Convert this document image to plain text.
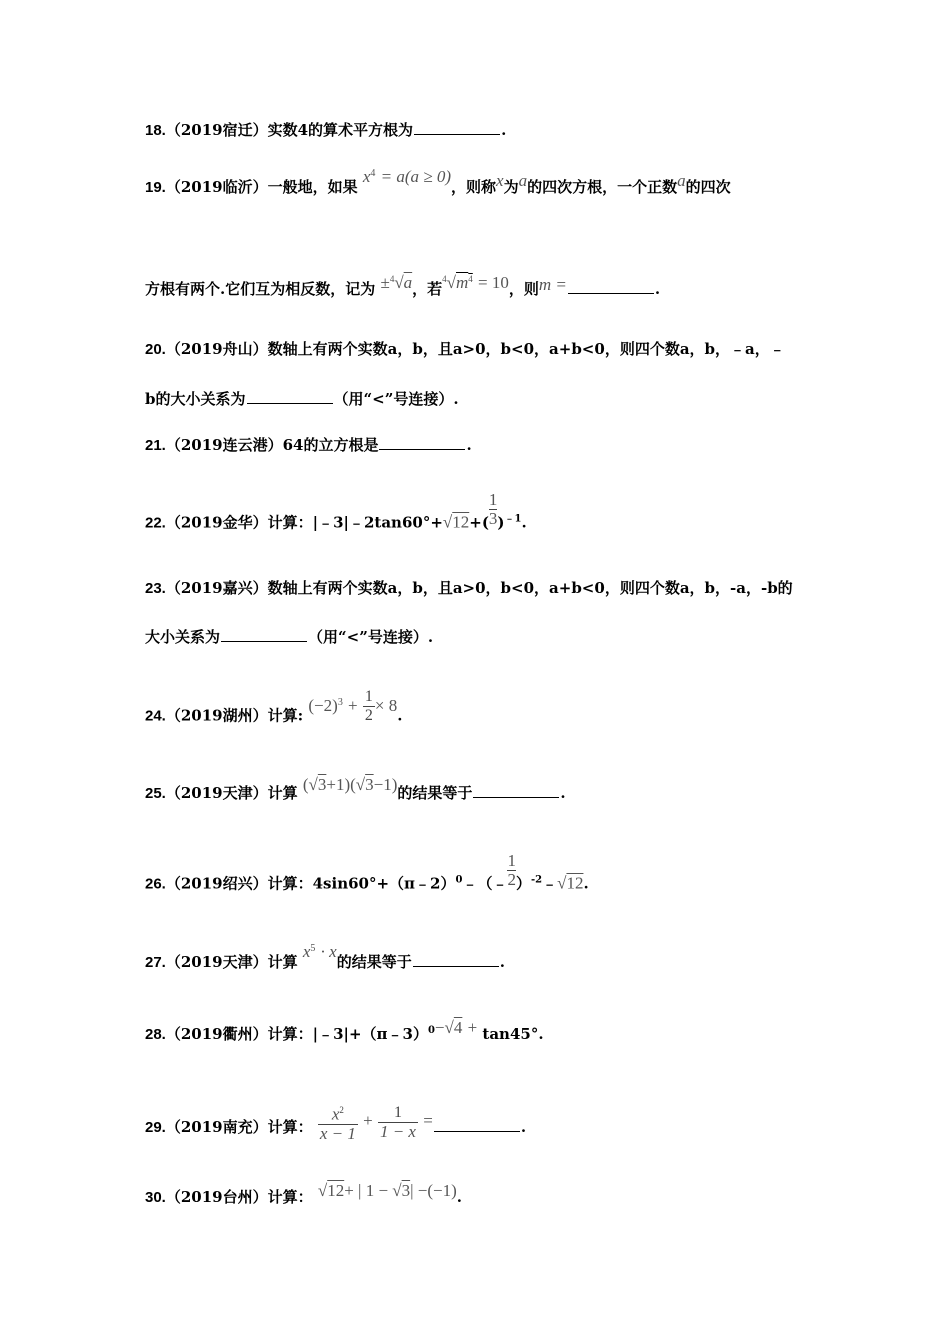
18.（2019宿迁）实数4的算术平方根为	.
19.（2019临沂）一般地，如果 $x^4 = a(a \ge 0)$，则称x为a的四次方根，一个正数a的四次
方根有两个.它们互为相反数，记为 ±$^4$√a，若$^4√m^4 = 10$，则m =	.
20.（2019舟山）数轴上有两个实数a，b，且a>0，b<0，a+b<0，则四个数a，b，﹣a，﹣
b的大小关系为	（用“<”号连接）.
21.（2019连云港）64的立方根是	.
22.（2019金华）计算：|﹣3|﹣2tan60°+√12+( $\frac{1}{3} )^{﹣1}$.
23.（2019嘉兴）数轴上有两个实数a，b，且a>0，b<0，a+b<0，则四个数a，b，-a，-b的
大小关系为	（用“<”号连接）.
24.（2019湖州）计算: $(-2)^3 + \frac{1}{2} \times 8$.
25.（2019天津）计算 (√3+1)(√3−1)的结果等于	.
26.（2019绍兴）计算：4sin60°+（π﹣2）$^0$﹣（﹣ $\frac{1}{2}$ ）$^{-2}$﹣√12.
27.（2019天津）计算 $x^5 \cdot x$的结果等于	.
28.（2019衢州）计算：|﹣3|+（π﹣3）$^0$−√4 + tan45°.
29.（2019南充）计算： $\frac{x^2}{x - 1} + \frac{1}{1 - x}$ =	.
30.（2019台州）计算： √12+ | 1 − √3| −(−1).
